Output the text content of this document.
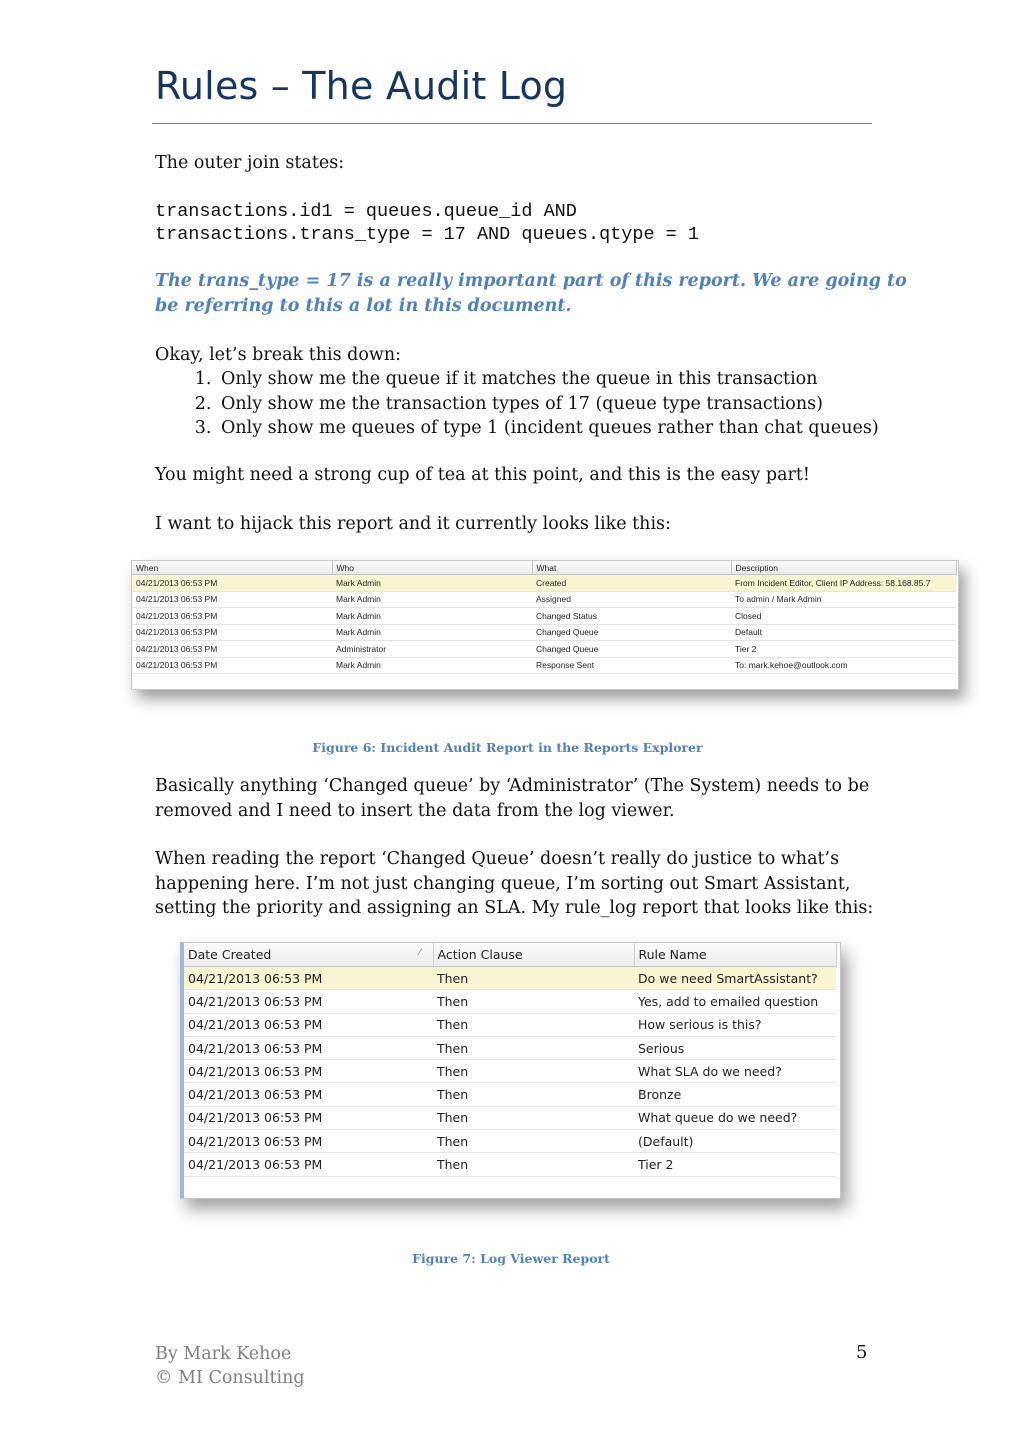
Rules – The Audit Log
The outer join states:
transactions.id1 = queues.queue_id AND
transactions.trans_type = 17 AND queues.qtype = 1
The trans_type = 17 is a really important part of this report. We are going to
be referring to this a lot in this document.
Okay, let’s break this down:
1. Only show me the queue if it matches the queue in this transaction
2. Only show me the transaction types of 17 (queue type transactions)
3. Only show me queues of type 1 (incident queues rather than chat queues)
You might need a strong cup of tea at this point, and this is the easy part!
I want to hijack this report and it currently looks like this:
When	Who	What	Description
04/21/2013 06:53 PM	Mark Admin	Created	From Incident Editor, Client IP Address: 58.168.85.7
04/21/2013 06:53 PM	Mark Admin	Assigned	To admin / Mark Admin
04/21/2013 06:53 PM	Mark Admin	Changed Status	Closed
04/21/2013 06:53 PM	Mark Admin	Changed Queue	Default
04/21/2013 06:53 PM	Administrator	Changed Queue	Tier 2
04/21/2013 06:53 PM	Mark Admin	Response Sent	To: mark.kehoe@outlook.com
Figure 6: Incident Audit Report in the Reports Explorer
Basically anything ‘Changed queue’ by ‘Administrator’ (The System) needs to be
removed and I need to insert the data from the log viewer.
When reading the report ‘Changed Queue’ doesn’t really do justice to what’s
happening here. I’m not just changing queue, I’m sorting out Smart Assistant,
setting the priority and assigning an SLA. My rule_log report that looks like this:
Date Created ⁄	Action Clause	Rule Name
04/21/2013 06:53 PM	Then	Do we need SmartAssistant?
04/21/2013 06:53 PM	Then	Yes, add to emailed question
04/21/2013 06:53 PM	Then	How serious is this?
04/21/2013 06:53 PM	Then	Serious
04/21/2013 06:53 PM	Then	What SLA do we need?
04/21/2013 06:53 PM	Then	Bronze
04/21/2013 06:53 PM	Then	What queue do we need?
04/21/2013 06:53 PM	Then	(Default)
04/21/2013 06:53 PM	Then	Tier 2
Figure 7: Log Viewer Report
By Mark Kehoe
© MI Consulting
5
